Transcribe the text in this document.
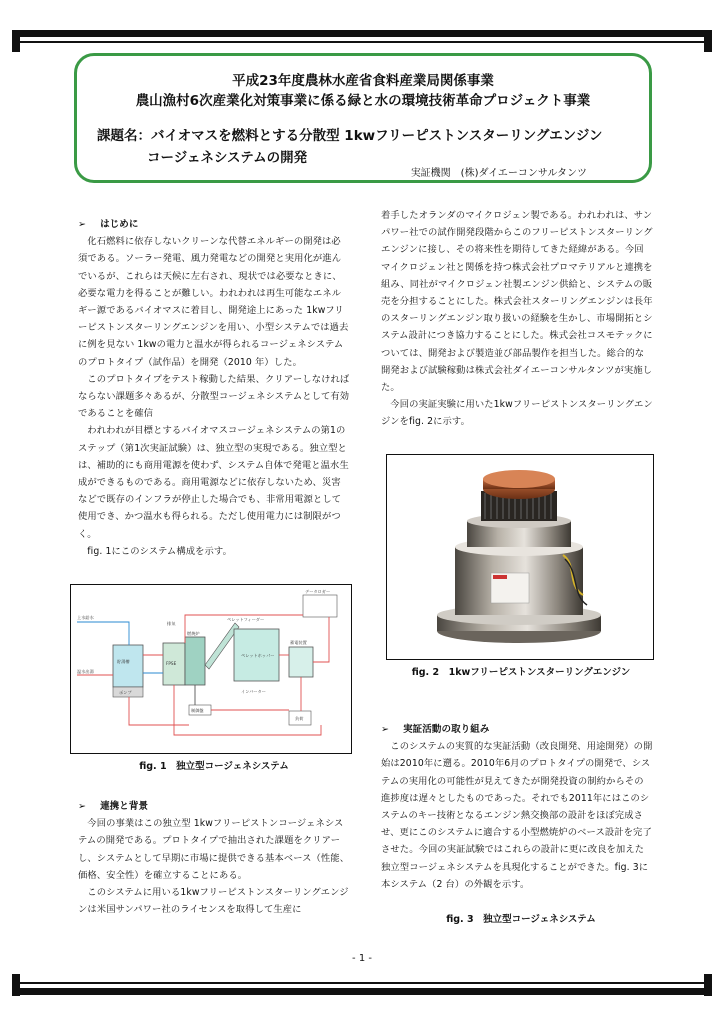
平成23年度農林水産省食料産業局関係事業
農山漁村6次産業化対策事業に係る緑と水の環境技術革命プロジェクト事業
課題名：バイオマスを燃料とする分散型 1kwフリーピストンスターリングエンジン
コージェネシステムの開発
実証機関　(株)ダイエーコンサルタンツ

➢ はじめに

化石燃料に依存しないクリーンな代替エネルギーの開発は必須である。ソーラー発電、風力発電などの開発と実用化が進んでいるが、これらは天候に左右され、現状では必要なときに、必要な電力を得ることが難しい。われわれは再生可能なエネルギー源であるバイオマスに着目し、開発途上にあった 1kwフリーピストンスターリングエンジンを用い、小型システムでは過去に例を見ない 1kwの電力と温水が得られるコージェネシステムのプロトタイプ（試作品）を開発（2010 年）した。

このプロトタイプをテスト稼動した結果、クリアーしなければならない課題多々あるが、分散型コージェネシステムとして有効であることを確信

われわれが目標とするバイオマスコージェネシステムの第1のステップ（第1次実証試験）は、独立型の実現である。独立型とは、補助的にも商用電源を使わず、システム自体で発電と温水生成ができるものである。商用電源などに依存しないため、災害などで既存のインフラが停止した場合でも、非常用電源として使用でき、かつ温水も得られる。ただし使用電力には制限がつく。

fig. 1にこのシステム構成を示す。

貯湯槽
ポンプ
FPSE
燃焼炉
ペレットフィーダー
ペレットホッパー
蓄電装置
データロガー
制御盤
インバーター
負荷
上水給水
温水出湯
排気
fig. 1　独立型コージェネシステム

➢ 連携と背景

今回の事業はこの独立型 1kwフリーピストンコージェネシステムの開発である。プロトタイプで抽出された課題をクリアーし、システムとして早期に市場に提供できる基本ベース（性能、価格、安全性）を確立することにある。

このシステムに用いる1kwフリーピストンスターリングエンジンは米国サンパワー社のライセンスを取得して生産に

着手したオランダのマイクロジェン製である。われわれは、サンパワー社での試作開発段階からこのフリーピストンスターリングエンジンに接し、その将来性を期待してきた経緯がある。今回マイクロジェン社と関係を持つ株式会社プロマテリアルと連携を組み、同社がマイクロジェン社製エンジン供給と、システムの販売を分担することにした。株式会社スターリングエンジンは長年のスターリングエンジン取り扱いの経験を生かし、市場開拓とシステム設計につき協力することにした。株式会社コスモテックについては、開発および製造並び部品製作を担当した。総合的な開発および試験稼動は株式会社ダイエーコンサルタンツが実施した。

今回の実証実験に用いた1kwフリーピストンスターリングエンジンをfig. 2に示す。

fig. 2　1kwフリーピストンスターリングエンジン

➢ 実証活動の取り組み

このシステムの実質的な実証活動（改良開発、用途開発）の開始は2010年に遡る。2010年6月のプロトタイプの開発で、システムの実用化の可能性が見えてきたが開発投資の制約からその進捗度は遅々としたものであった。それでも2011年にはこのシステムのキー技術となるエンジン熱交換部の設計をほぼ完成させ、更にこのシステムに適合する小型燃焼炉のベース設計を完了させた。今回の実証試験ではこれらの設計に更に改良を加えた独立型コージェネシステムを具現化することができた。fig. 3に本システム（2 台）の外観を示す。

fig. 3　独立型コージェネシステム
- 1 -
